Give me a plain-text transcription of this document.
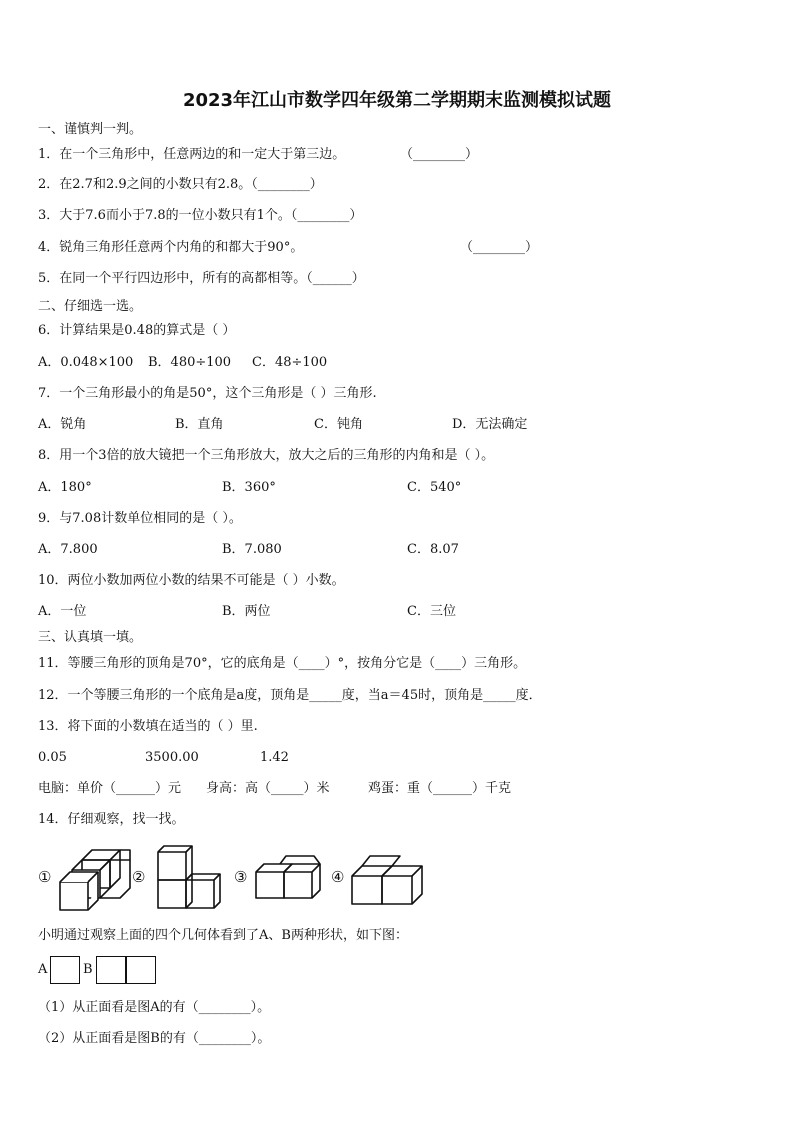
2023年江山市数学四年级第二学期期末监测模拟试题
一、谨慎判一判。
1．在一个三角形中，任意两边的和一定大于第三边。	（________）
2．在2.7和2.9之间的小数只有2.8。（________）
3．大于7.6而小于7.8的一位小数只有1个。（________）
4．锐角三角形任意两个内角的和都大于90°。	（________）
5．在同一个平行四边形中，所有的高都相等。（______）
二、仔细选一选。
6．计算结果是0.48的算式是（ ）
A．0.048×100 B．480÷100 C．48÷100
7．一个三角形最小的角是50°，这个三角形是（ ）三角形.
A．锐角	B．直角	C．钝角	D．无法确定
8．用一个3倍的放大镜把一个三角形放大，放大之后的三角形的内角和是（ ）。
A．180°	B．360°	C．540°
9．与7.08计数单位相同的是（ ）。
A．7.800	B．7.080	C．8.07
10．两位小数加两位小数的结果不可能是（ ）小数。
A．一位	B．两位	C．三位
三、认真填一填。
11．等腰三角形的顶角是70°，它的底角是（____）°，按角分它是（____）三角形。
12．一个等腰三角形的一个底角是a度，顶角是_____度，当a＝45时，顶角是_____度．
13．将下面的小数填在适当的（ ）里.
0.05	3500.00	1.42
电脑：单价（______）元 身高：高（_____）米	鸡蛋：重（______）千克
14．仔细观察，找一找。
①	②	③	④
小明通过观察上面的四个几何体看到了A、B两种形状，如下图：
A	B
（1）从正面看是图A的有（________）。
（2）从正面看是图B的有（________）。
